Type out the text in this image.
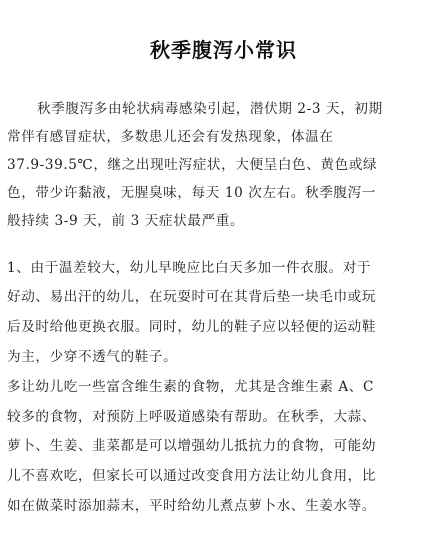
秋季腹泻小常识
秋季腹泻多由轮状病毒感染引起，潜伏期 2-3 天，初期
常伴有感冒症状，多数患儿还会有发热现象，体温在
37.9-39.5℃，继之出现吐泻症状，大便呈白色、黄色或绿
色，带少许黏液，无腥臭味，每天 10 次左右。秋季腹泻一
般持续 3-9 天，前 3 天症状最严重。
1、由于温差较大，幼儿早晚应比白天多加一件衣服。对于
好动、易出汗的幼儿，在玩耍时可在其背后垫一块毛巾或玩
后及时给他更换衣服。同时，幼儿的鞋子应以轻便的运动鞋
为主，少穿不透气的鞋子。
多让幼儿吃一些富含维生素的食物，尤其是含维生素 A、C
较多的食物，对预防上呼吸道感染有帮助。在秋季，大蒜、
萝卜、生姜、韭菜都是可以增强幼儿抵抗力的食物，可能幼
儿不喜欢吃，但家长可以通过改变食用方法让幼儿食用，比
如在做菜时添加蒜末，平时给幼儿煮点萝卜水、生姜水等。
